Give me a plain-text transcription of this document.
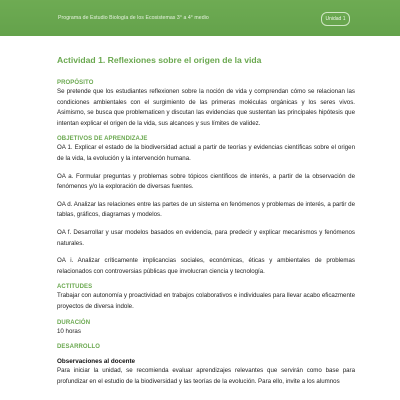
Programa de Estudio Biología de los Ecosistemas 3° a 4° medio	Unidad 1
Actividad 1. Reflexiones sobre el origen de la vida
PROPÓSITO
Se pretende que los estudiantes reflexionen sobre la noción de vida y comprendan cómo se relacionan las condiciones ambientales con el surgimiento de las primeras moléculas orgánicas y los seres vivos. Asimismo, se busca que problematicen y discutan las evidencias que sustentan las principales hipótesis que intentan explicar el origen de la vida, sus alcances y sus límites de validez.
OBJETIVOS DE APRENDIZAJE
OA 1. Explicar el estado de la biodiversidad actual a partir de teorías y evidencias científicas sobre el origen de la vida, la evolución y la intervención humana.
OA a. Formular preguntas y problemas sobre tópicos científicos de interés, a partir de la observación de fenómenos y/o la exploración de diversas fuentes.
OA d. Analizar las relaciones entre las partes de un sistema en fenómenos y problemas de interés, a partir de tablas, gráficos, diagramas y modelos.
OA f. Desarrollar y usar modelos basados en evidencia, para predecir y explicar mecanismos y fenómenos naturales.
OA i. Analizar críticamente implicancias sociales, económicas, éticas y ambientales de problemas relacionados con controversias públicas que involucran ciencia y tecnología.
ACTITUDES
Trabajar con autonomía y proactividad en trabajos colaborativos e individuales para llevar acabo eficazmente proyectos de diversa índole.
DURACIÓN
10 horas
DESARROLLO
Observaciones al docente
Para iniciar la unidad, se recomienda evaluar aprendizajes relevantes que servirán como base para profundizar en el estudio de la biodiversidad y las teorías de la evolución. Para ello, invite a los alumnos
